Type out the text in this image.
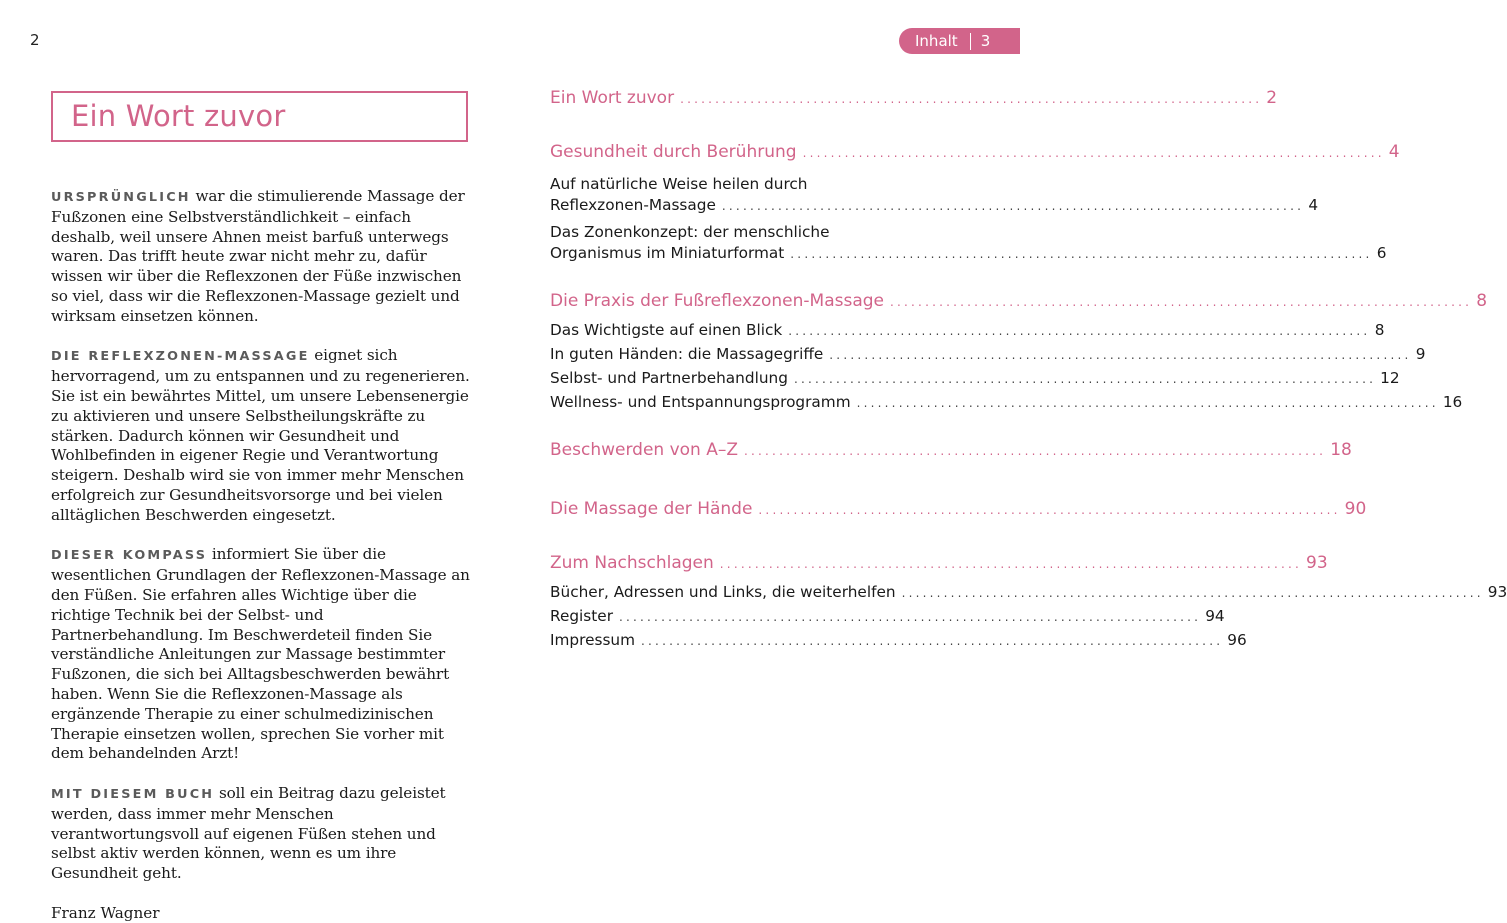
2	Inhalt 3
Ein Wort zuvor

URSPRÜNGLICH war die stimulierende Massage der Fußzonen eine Selbstverständlichkeit – einfach deshalb, weil unsere Ahnen meist barfuß unterwegs waren. Das trifft heute zwar nicht mehr zu, dafür wissen wir über die Reflexzonen der Füße inzwischen so viel, dass wir die Reflexzonen-Massage gezielt und wirksam einsetzen können.

DIE REFLEXZONEN-MASSAGE eignet sich hervorragend, um zu entspannen und zu regenerieren. Sie ist ein bewährtes Mittel, um unsere Lebensenergie zu aktivieren und unsere Selbstheilungskräfte zu stärken. Dadurch können wir Gesundheit und Wohlbefinden in eigener Regie und Verantwortung steigern. Deshalb wird sie von immer mehr Menschen erfolgreich zur Gesundheitsvorsorge und bei vielen alltäglichen Beschwerden eingesetzt.

DIESER KOMPASS informiert Sie über die wesentlichen Grundlagen der Reflexzonen-Massage an den Füßen. Sie erfahren alles Wichtige über die richtige Technik bei der Selbst- und Partnerbehandlung. Im Beschwerdeteil finden Sie verständliche Anleitungen zur Massage bestimmter Fußzonen, die sich bei Alltagsbeschwerden bewährt haben. Wenn Sie die Reflexzonen-Massage als ergänzende Therapie zu einer schulmedizinischen Therapie einsetzen wollen, sprechen Sie vorher mit dem behandelnden Arzt!

MIT DIESEM BUCH soll ein Beitrag dazu geleistet werden, dass immer mehr Menschen verantwortungsvoll auf eigenen Füßen stehen und selbst aktiv werden können, wenn es um ihre Gesundheit geht.

Franz Wagner
Ein Wort zuvor ................................................................................... 2
Gesundheit durch Berührung ................................................................................... 4
Auf natürliche Weise heilen durch
Reflexzonen-Massage ................................................................................... 4
Das Zonenkonzept: der menschliche
Organismus im Miniaturformat ................................................................................... 6
Die Praxis der Fußreflexzonen-Massage ................................................................................... 8
Das Wichtigste auf einen Blick ................................................................................... 8
In guten Händen: die Massagegriffe ................................................................................... 9
Selbst- und Partnerbehandlung ................................................................................... 12
Wellness- und Entspannungsprogramm ................................................................................... 16
Beschwerden von A–Z ................................................................................... 18
Die Massage der Hände ................................................................................... 90
Zum Nachschlagen ................................................................................... 93
Bücher, Adressen und Links, die weiterhelfen ................................................................................... 93
Register ................................................................................... 94
Impressum ................................................................................... 96
